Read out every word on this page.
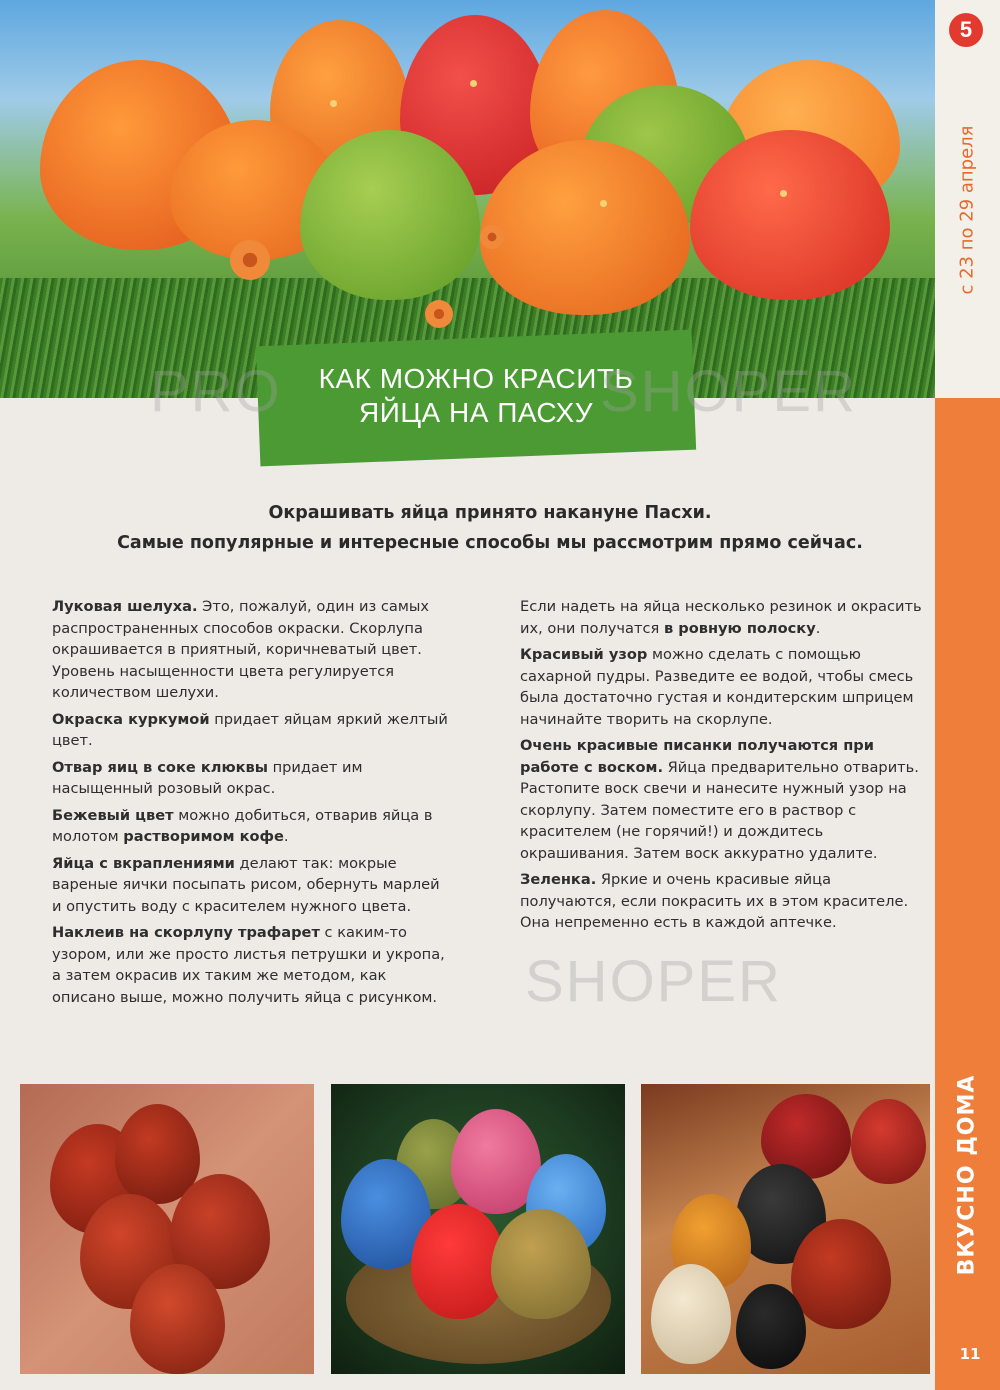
КАК МОЖНО КРАСИТЬ
ЯЙЦА НА ПАСХУ
PRO	SHOPER
SHOPER
5
с 23 по 29 апреля
ВКУСНО ДОМА
11
Окрашивать яйца принято накануне Пасхи.
Самые популярные и интересные способы мы рассмотрим прямо сейчас.

Луковая шелуха. Это, пожалуй, один из самых распространенных способов окраски. Скорлупа окрашивается в приятный, коричневатый цвет. Уровень насыщенности цвета регулируется количеством шелухи.

Окраска куркумой придает яйцам яркий желтый цвет.

Отвар яиц в соке клюквы придает им насыщенный розовый окрас.

Бежевый цвет можно добиться, отварив яйца в молотом растворимом кофе.

Яйца с вкраплениями делают так: мокрые вареные яички посыпать рисом, обернуть марлей и опустить воду с красителем нужного цвета.

Наклеив на скорлупу трафарет с каким-то узором, или же просто листья петрушки и укропа, а затем окрасив их таким же методом, как описано выше, можно получить яйца с рисунком.

Если надеть на яйца несколько резинок и окрасить их, они получатся в ровную полоску.

Красивый узор можно сделать с помощью сахарной пудры. Разведите ее водой, чтобы смесь была достаточно густая и кондитерским шприцем начинайте творить на скорлупе.

Очень красивые писанки получаются при работе с воском. Яйца предварительно отварить. Растопите воск свечи и нанесите нужный узор на скорлупу. Затем поместите его в раствор с красителем (не горячий!) и дождитесь окрашивания. Затем воск аккуратно удалите.

Зеленка. Яркие и очень красивые яйца получаются, если покрасить их в этом красителе. Она непременно есть в каждой аптечке.
